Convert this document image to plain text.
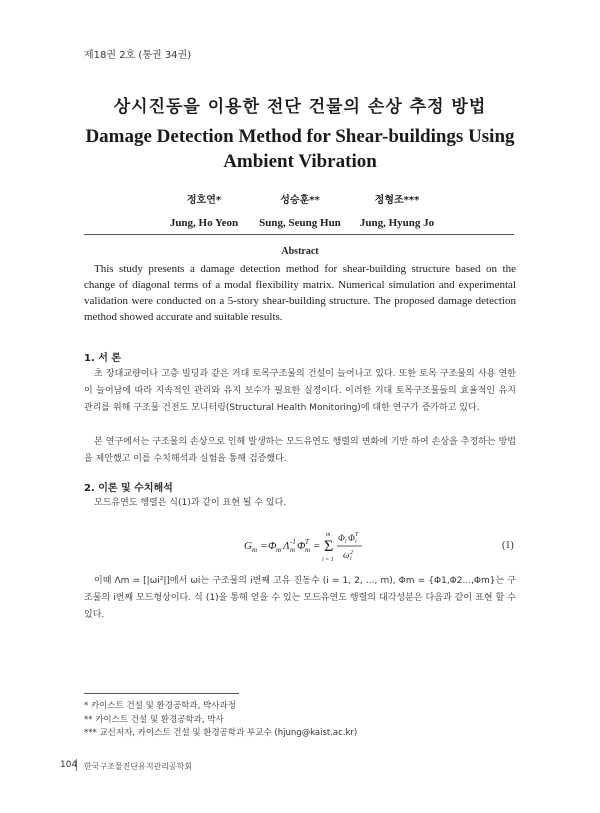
제18권 2호 (통권 34권)
상시진동을 이용한 전단 건물의 손상 추정 방법
Damage Detection Method for Shear-buildings Using Ambient Vibration
정호연*
Jung, Ho Yeon
성승훈**
Sung, Seung Hun
정형조***
Jung, Hyung Jo
Abstract
This study presents a damage detection method for shear-building structure based on the change of diagonal terms of a modal flexibility matrix. Numerical simulation and experimental validation were conducted on a 5-story shear-building structure. The proposed damage detection method showed accurate and suitable results.
1. 서 론
초 장대교량이나 고층 빌딩과 같은 거대 토목구조물의 건설이 늘어나고 있다. 또한 토목 구조물의 사용 연한이 늘어남에 따라 지속적인 관리와 유지 보수가 필요한 실정이다. 이러한 거대 토목구조물들의 효율적인 유지 관리를 위해 구조물 건전도 모니터링(Structural Health Monitoring)에 대한 연구가 증가하고 있다.
본 연구에서는 구조물의 손상으로 인해 발생하는 모드유연도 행렬의 변화에 기반 하여 손상을 추정하는 방법을 제안했고 이를 수치해석과 실험을 통해 검증했다.
2. 이론 및 수치해석
모드유연도 행렬은 식(1)과 같이 표현 될 수 있다.
G m = Φ m Λ m
-1 Φ m
T = Σ
m
i = 1
Φ i Φ i
T
ω i
2
(1)
이때 Λm = [|ωi²|]에서 ωi는 구조물의 i번째 고유 진동수 (i = 1, 2, ..., m), Φm = {Φ1,Φ2...,Φm}는 구조물의 i번째 모드형상이다. 식 (1)을 통해 얻을 수 있는 모드유연도 행렬의 대각성분은 다음과 같이 표현 할 수 있다.
* 카이스트 건설 및 환경공학과, 박사과정
** 카이스트 건설 및 환경공학과, 박사
*** 교신저자, 카이스트 건설 및 환경공학과 부교수 (hjung@kaist.ac.kr)
104 한국구조물진단유지관리공학회
